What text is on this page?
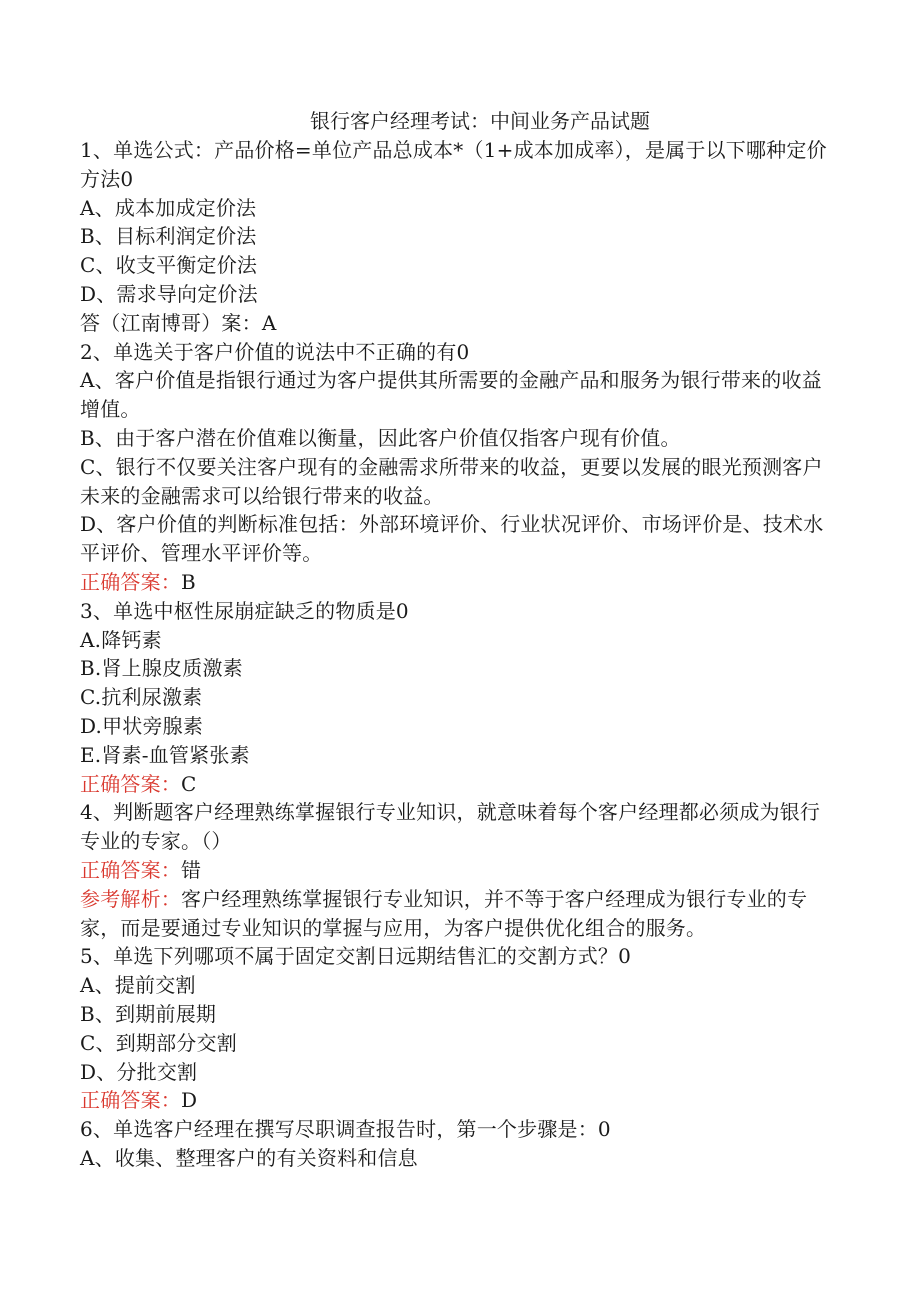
银行客户经理考试：中间业务产品试题

1、单选公式：产品价格=单位产品总成本*（1+成本加成率），是属于以下哪种定价方法0

A、成本加成定价法

B、目标利润定价法

C、收支平衡定价法

D、需求导向定价法

答（江南博哥）案：A

2、单选关于客户价值的说法中不正确的有0

A、客户价值是指银行通过为客户提供其所需要的金融产品和服务为银行带来的收益增值。

B、由于客户潜在价值难以衡量，因此客户价值仅指客户现有价值。

C、银行不仅要关注客户现有的金融需求所带来的收益，更要以发展的眼光预测客户未来的金融需求可以给银行带来的收益。

D、客户价值的判断标准包括：外部环境评价、行业状况评价、市场评价是、技术水平评价、管理水平评价等。

正确答案：B

3、单选中枢性尿崩症缺乏的物质是0

A.降钙素

B.肾上腺皮质激素

C.抗利尿激素

D.甲状旁腺素

E.肾素-血管紧张素

正确答案：C

4、判断题客户经理熟练掌握银行专业知识，就意味着每个客户经理都必须成为银行专业的专家。（）

正确答案：错

参考解析：客户经理熟练掌握银行专业知识，并不等于客户经理成为银行专业的专家，而是要通过专业知识的掌握与应用，为客户提供优化组合的服务。

5、单选下列哪项不属于固定交割日远期结售汇的交割方式？0

A、提前交割

B、到期前展期

C、到期部分交割

D、分批交割

正确答案：D

6、单选客户经理在撰写尽职调查报告时，第一个步骤是：0

A、收集、整理客户的有关资料和信息
